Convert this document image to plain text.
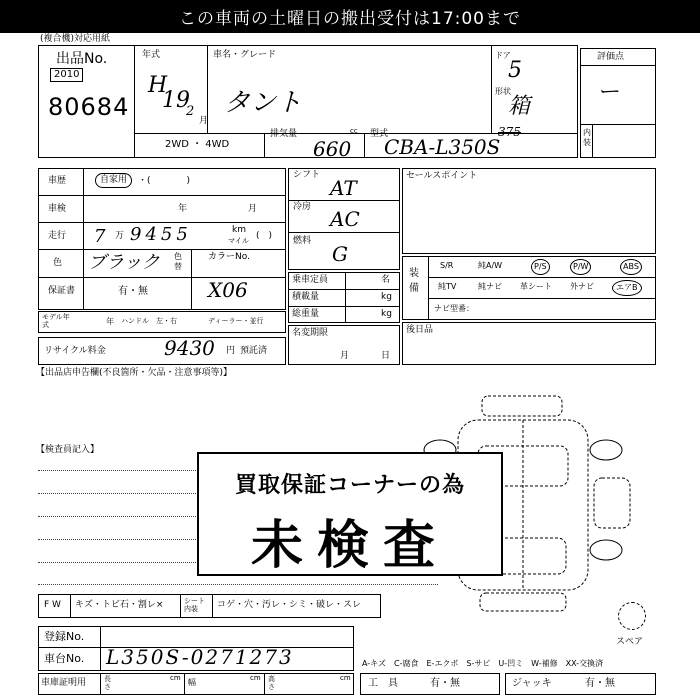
この車両の土曜日の搬出受付は17:00まで
(複合機)対応用紙
出品No.
2010
80684
年式
H
19
2
月
車名・グレード
タント
ドア
5
形状
箱
2WD ・ 4WD
排気量
660
cc 型式
CBA-L350S
375
評価点
ー
内装
車歴	自家用	・(　　　　)
車検	年	月
走行 7 万 9455	km
マイル (　)
色 ブラック 色替
カラーNo.
保証書	有・無	X06
モデル年式	年 ハンドル　左・右	ディーラー・並行
リサイクル料金	9430 円 預託済
シフト
AT
冷房 AC
燃料
G
乗車定員	名
積載量	kg
総重量	kg
名変期限
月	日
セールスポイント
装備
S/R	純A/W	P/S	P/W	ABS
純TV	純ナビ 革シート 外ナビ	エアB
ナビ型番：
後日品
【出品店申告欄(不良箇所・欠品・注意事項等)】
【検査員記入】
買取保証コーナーの為
未検査
F W キズ・トビ石・割レ×	シート内装	コゲ・穴・汚レ・シミ・破レ・スレ
登録No.
車台No. L350S-0271273
車庫証明用	長さ
cm 幅	cm 高さ
cm
スペア
A-キズ　C-腐食　E-エクボ　S-サビ　U-凹ミ　W-補修　XX-交換済
工　具	有・無	ジャッキ	有・無
